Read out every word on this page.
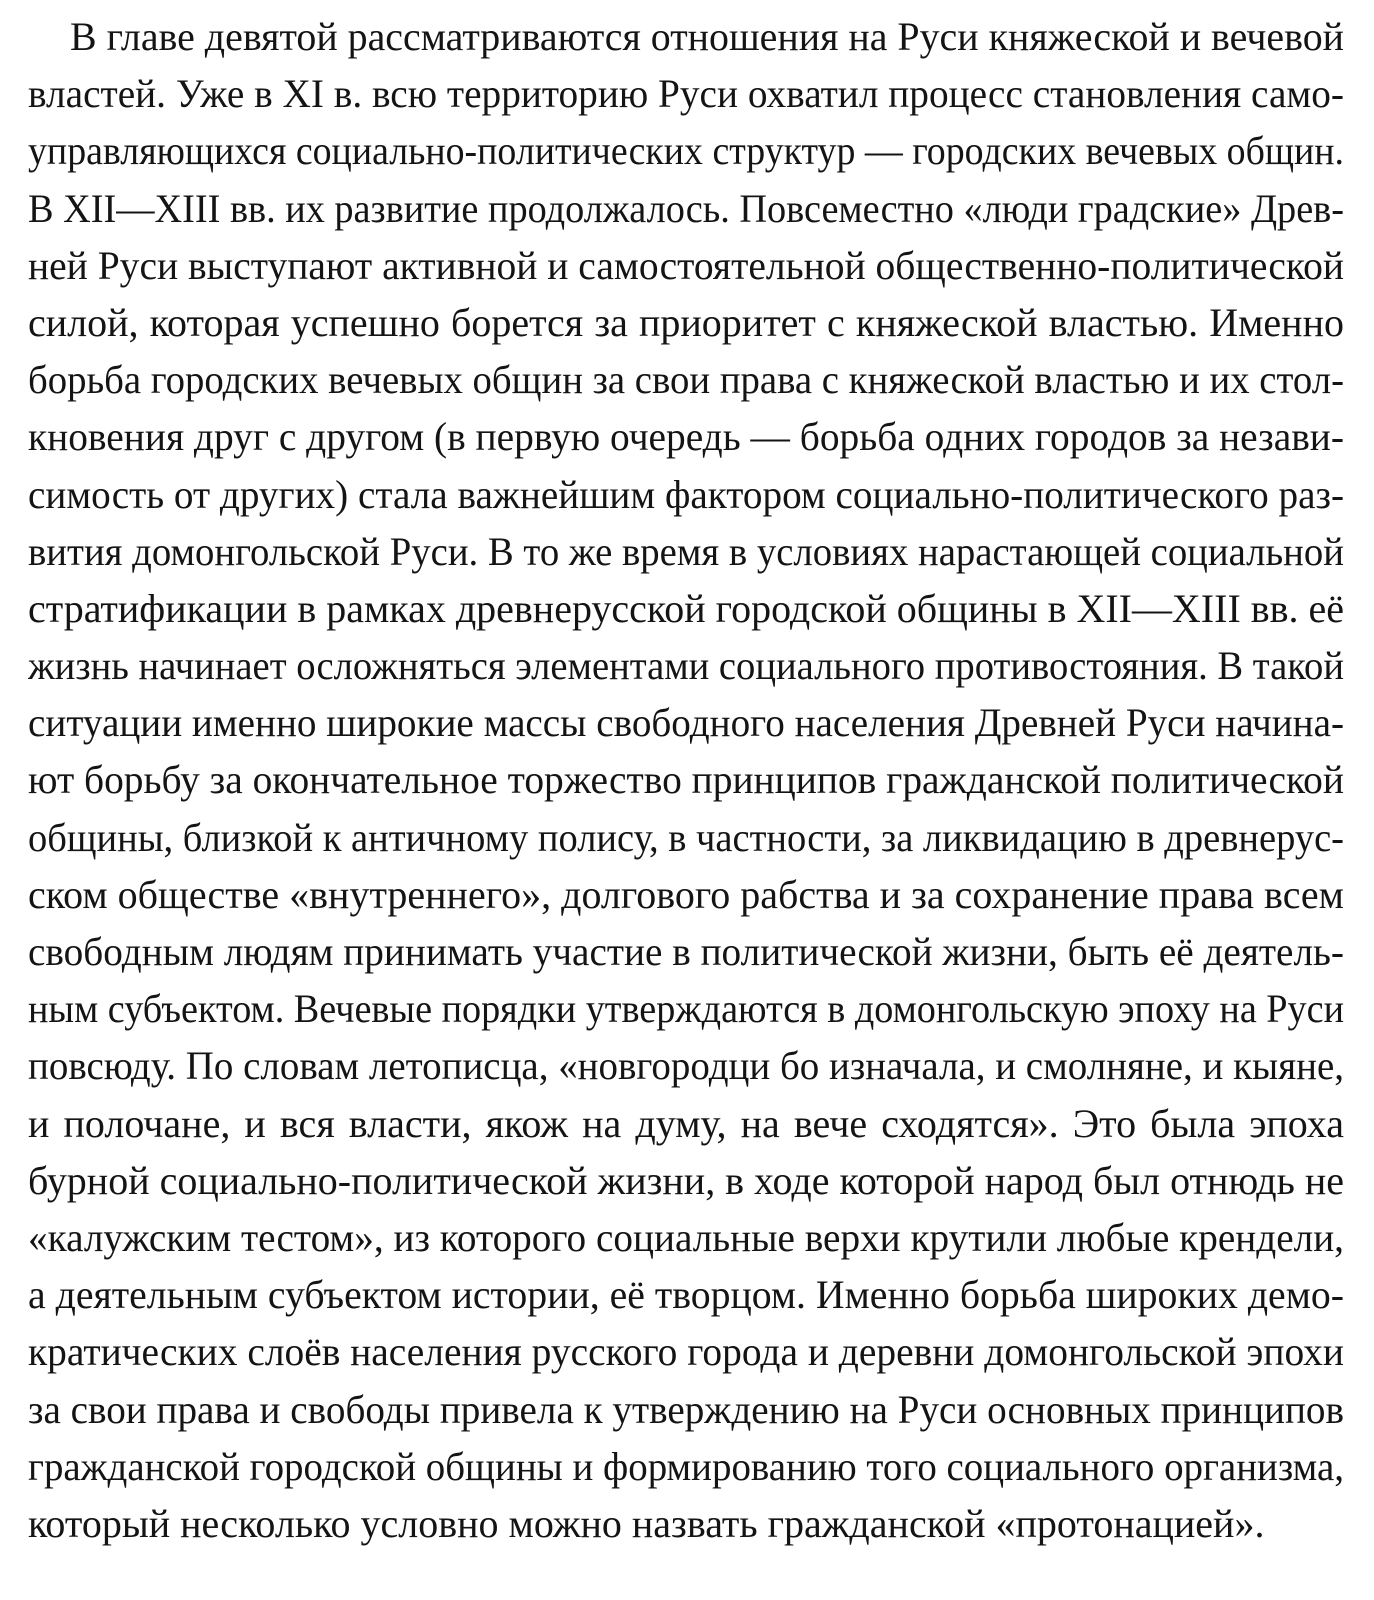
В главе девятой рассматриваются отношения на Руси княжеской и вечевой
властей. Уже в XI в. всю территорию Руси охватил процесс становления само-
управляющихся социально-политических структур — городских вечевых общин.
В XII—XIII вв. их развитие продолжалось. Повсеместно «люди градские» Древ-
ней Руси выступают активной и самостоятельной общественно-политической
силой, которая успешно борется за приоритет с княжеской властью. Именно
борьба городских вечевых общин за свои права с княжеской властью и их стол-
кновения друг с другом (в первую очередь — борьба одних городов за незави-
симость от других) стала важнейшим фактором социально-политического раз-
вития домонгольской Руси. В то же время в условиях нарастающей социальной
стратификации в рамках древнерусской городской общины в XII—XIII вв. её
жизнь начинает осложняться элементами социального противостояния. В такой
ситуации именно широкие массы свободного населения Древней Руси начина-
ют борьбу за окончательное торжество принципов гражданской политической
общины, близкой к античному полису, в частности, за ликвидацию в древнерус-
ском обществе «внутреннего», долгового рабства и за сохранение права всем
свободным людям принимать участие в политической жизни, быть её деятель-
ным субъектом. Вечевые порядки утверждаются в домонгольскую эпоху на Руси
повсюду. По словам летописца, «новгородци бо изначала, и смолняне, и кыяне,
и полочане, и вся власти, якож на думу, на вече сходятся». Это была эпоха
бурной социально-политической жизни, в ходе которой народ был отнюдь не
«калужским тестом», из которого социальные верхи крутили любые крендели,
а деятельным субъектом истории, её творцом. Именно борьба широких демо-
кратических слоёв населения русского города и деревни домонгольской эпохи
за свои права и свободы привела к утверждению на Руси основных принципов
гражданской городской общины и формированию того социального организма,
который несколько условно можно назвать гражданской «протонацией».
